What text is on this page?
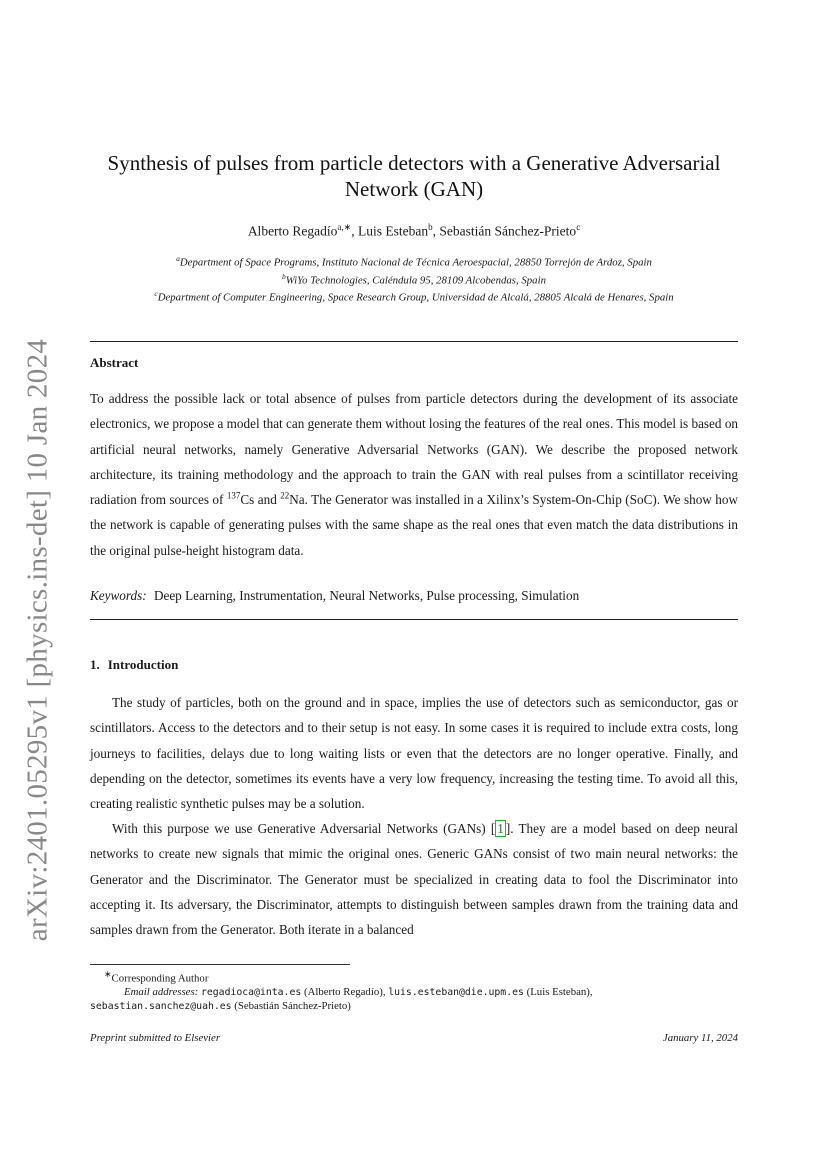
arXiv:2401.05295v1 [physics.ins-det] 10 Jan 2024
Synthesis of pulses from particle detectors with a Generative Adversarial Network (GAN)
Alberto Regadío$^{a,∗}$, Luis Esteban$^b$, Sebastián Sánchez-Prieto$^c$
$^a$Department of Space Programs, Instituto Nacional de Técnica Aeroespacial, 28850 Torrejón de Ardoz, Spain
$^b$WiYo Technologies, Caléndula 95, 28109 Alcobendas, Spain
$^c$Department of Computer Engineering, Space Research Group, Universidad de Alcalá, 28805 Alcalá de Henares, Spain
Abstract
To address the possible lack or total absence of pulses from particle detectors during the development of its associate electronics, we propose a model that can generate them without losing the features of the real ones. This model is based on artificial neural networks, namely Generative Adversarial Networks (GAN). We describe the proposed network architecture, its training methodology and the approach to train the GAN with real pulses from a scintillator receiving radiation from sources of $^{137}$Cs and $^{22}$Na. The Generator was installed in a Xilinx’s System-On-Chip (SoC). We show how the network is capable of generating pulses with the same shape as the real ones that even match the data distributions in the original pulse-height histogram data.
Keywords: Deep Learning, Instrumentation, Neural Networks, Pulse processing, Simulation
1. Introduction
The study of particles, both on the ground and in space, implies the use of detectors such as semiconductor, gas or scintillators. Access to the detectors and to their setup is not easy. In some cases it is required to include extra costs, long journeys to facilities, delays due to long waiting lists or even that the detectors are no longer operative. Finally, and depending on the detector, sometimes its events have a very low frequency, increasing the testing time. To avoid all this, creating realistic synthetic pulses may be a solution.
With this purpose we use Generative Adversarial Networks (GANs) [ 1 ]. They are a model based on deep neural networks to create new signals that mimic the original ones. Generic GANs consist of two main neural networks: the Generator and the Discriminator. The Generator must be specialized in creating data to fool the Discriminator into accepting it. Its adversary, the Discriminator, attempts to distinguish between samples drawn from the training data and samples drawn from the Generator. Both iterate in a balanced
∗Corresponding Author
Email addresses: regadioca@inta.es (Alberto Regadío), luis.esteban@die.upm.es (Luis Esteban),
sebastian.sanchez@uah.es (Sebastián Sánchez-Prieto)
Preprint submitted to Elsevier	January 11, 2024
